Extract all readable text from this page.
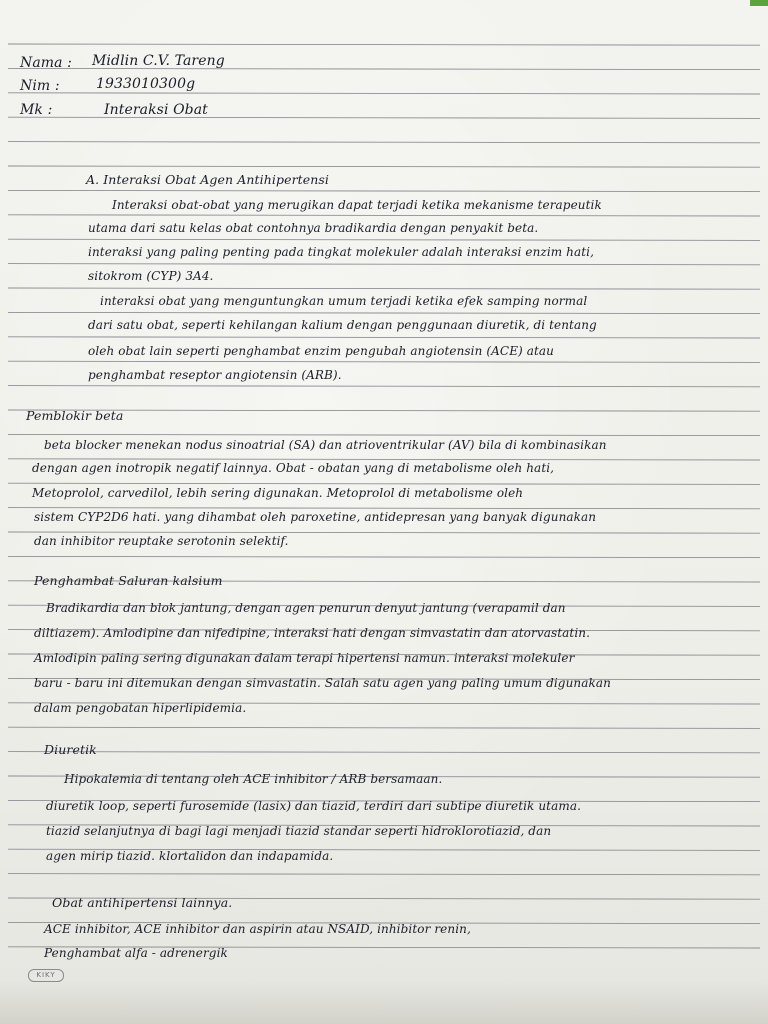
Nama : Midlin C.V. Tareng
Nim :	1933010300g
Mk :	Interaksi Obat
A. Interaksi Obat Agen Antihipertensi
Interaksi obat-obat yang merugikan dapat terjadi ketika mekanisme terapeutik
utama dari satu kelas obat contohnya bradikardia dengan penyakit beta.
interaksi yang paling penting pada tingkat molekuler adalah interaksi enzim hati,
sitokrom (CYP) 3A4.
interaksi obat yang menguntungkan umum terjadi ketika efek samping normal
dari satu obat, seperti kehilangan kalium dengan penggunaan diuretik, di tentang
oleh obat lain seperti penghambat enzim pengubah angiotensin (ACE) atau
penghambat reseptor angiotensin (ARB).
Pemblokir beta
beta blocker menekan nodus sinoatrial (SA) dan atrioventrikular (AV) bila di kombinasikan
dengan agen inotropik negatif lainnya. Obat - obatan yang di metabolisme oleh hati,
Metoprolol, carvedilol, lebih sering digunakan. Metoprolol di metabolisme oleh
sistem CYP2D6 hati. yang dihambat oleh paroxetine, antidepresan yang banyak digunakan
dan inhibitor reuptake serotonin selektif.
Penghambat Saluran kalsium
Bradikardia dan blok jantung, dengan agen penurun denyut jantung (verapamil dan
diltiazem). Amlodipine dan nifedipine, interaksi hati dengan simvastatin dan atorvastatin.
Amlodipin paling sering digunakan dalam terapi hipertensi namun. interaksi molekuler
baru - baru ini ditemukan dengan simvastatin. Salah satu agen yang paling umum digunakan
dalam pengobatan hiperlipidemia.
Diuretik
Hipokalemia di tentang oleh ACE inhibitor / ARB bersamaan.
diuretik loop, seperti furosemide (lasix) dan tiazid, terdiri dari subtipe diuretik utama.
tiazid selanjutnya di bagi lagi menjadi tiazid standar seperti hidroklorotiazid, dan
agen mirip tiazid. klortalidon dan indapamida.
Obat antihipertensi lainnya.
ACE inhibitor, ACE inhibitor dan aspirin atau NSAID, inhibitor renin,
Penghambat alfa - adrenergik
KIKY
